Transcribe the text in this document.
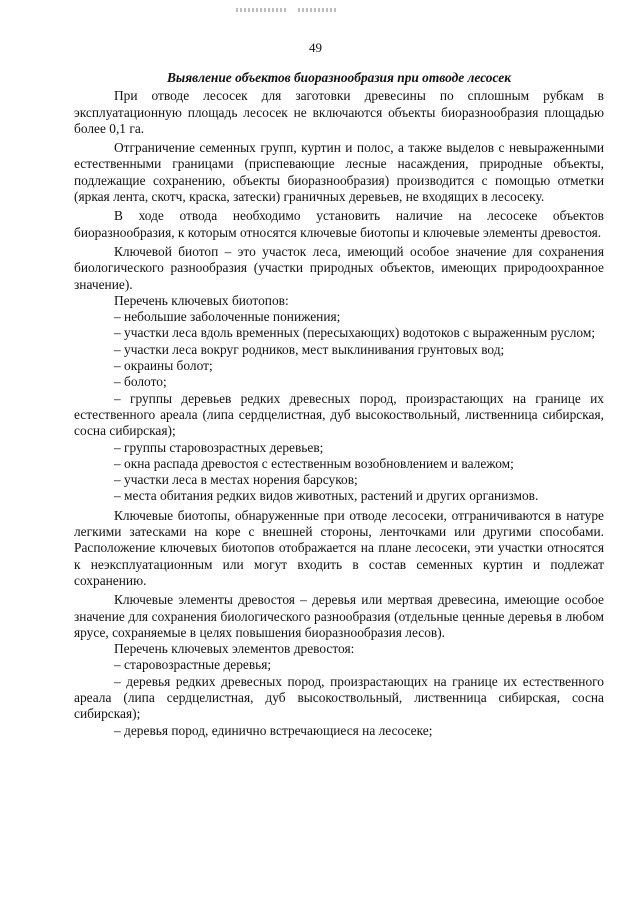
49

Выявление объектов биоразнообразия при отводе лесосек

При отводе лесосек для заготовки древесины по сплошным рубкам в эксплуатационную площадь лесосек не включаются объекты биоразнообразия площадью более 0,1 га.

Отграничение семенных групп, куртин и полос, а также выделов с невыраженными естественными границами (приспевающие лесные насаждения, природные объекты, подлежащие сохранению, объекты биоразнообразия) производится с помощью отметки (яркая лента, скотч, краска, затески) граничных деревьев, не входящих в лесосеку.

В ходе отвода необходимо установить наличие на лесосеке объектов биоразнообразия, к которым относятся ключевые биотопы и ключевые элементы древостоя.

Ключевой биотоп – это участок леса, имеющий особое значение для сохранения биологического разнообразия (участки природных объектов, имеющих природоохранное значение).

Перечень ключевых биотопов:

– небольшие заболоченные понижения;

– участки леса вдоль временных (пересыхающих) водотоков с выраженным руслом;

– участки леса вокруг родников, мест выклинивания грунтовых вод;

– окраины болот;

– болото;

– группы деревьев редких древесных пород, произрастающих на границе их естественного ареала (липа сердцелистная, дуб высокоствольный, лиственница сибирская, сосна сибирская);

– группы старовозрастных деревьев;

– окна распада древостоя с естественным возобновлением и валежом;

– участки леса в местах норения барсуков;

– места обитания редких видов животных, растений и других организмов.

Ключевые биотопы, обнаруженные при отводе лесосеки, отграничиваются в натуре легкими затесками на коре с внешней стороны, ленточками или другими способами. Расположение ключевых биотопов отображается на плане лесосеки, эти участки относятся к неэксплуатационным или могут входить в состав семенных куртин и подлежат сохранению.

Ключевые элементы древостоя – деревья или мертвая древесина, имеющие особое значение для сохранения биологического разнообразия (отдельные ценные деревья в любом ярусе, сохраняемые в целях повышения биоразнообразия лесов).

Перечень ключевых элементов древостоя:

– старовозрастные деревья;

– деревья редких древесных пород, произрастающих на границе их естественного ареала (липа сердцелистная, дуб высокоствольный, лиственница сибирская, сосна сибирская);

– деревья пород, единично встречающиеся на лесосеке;
